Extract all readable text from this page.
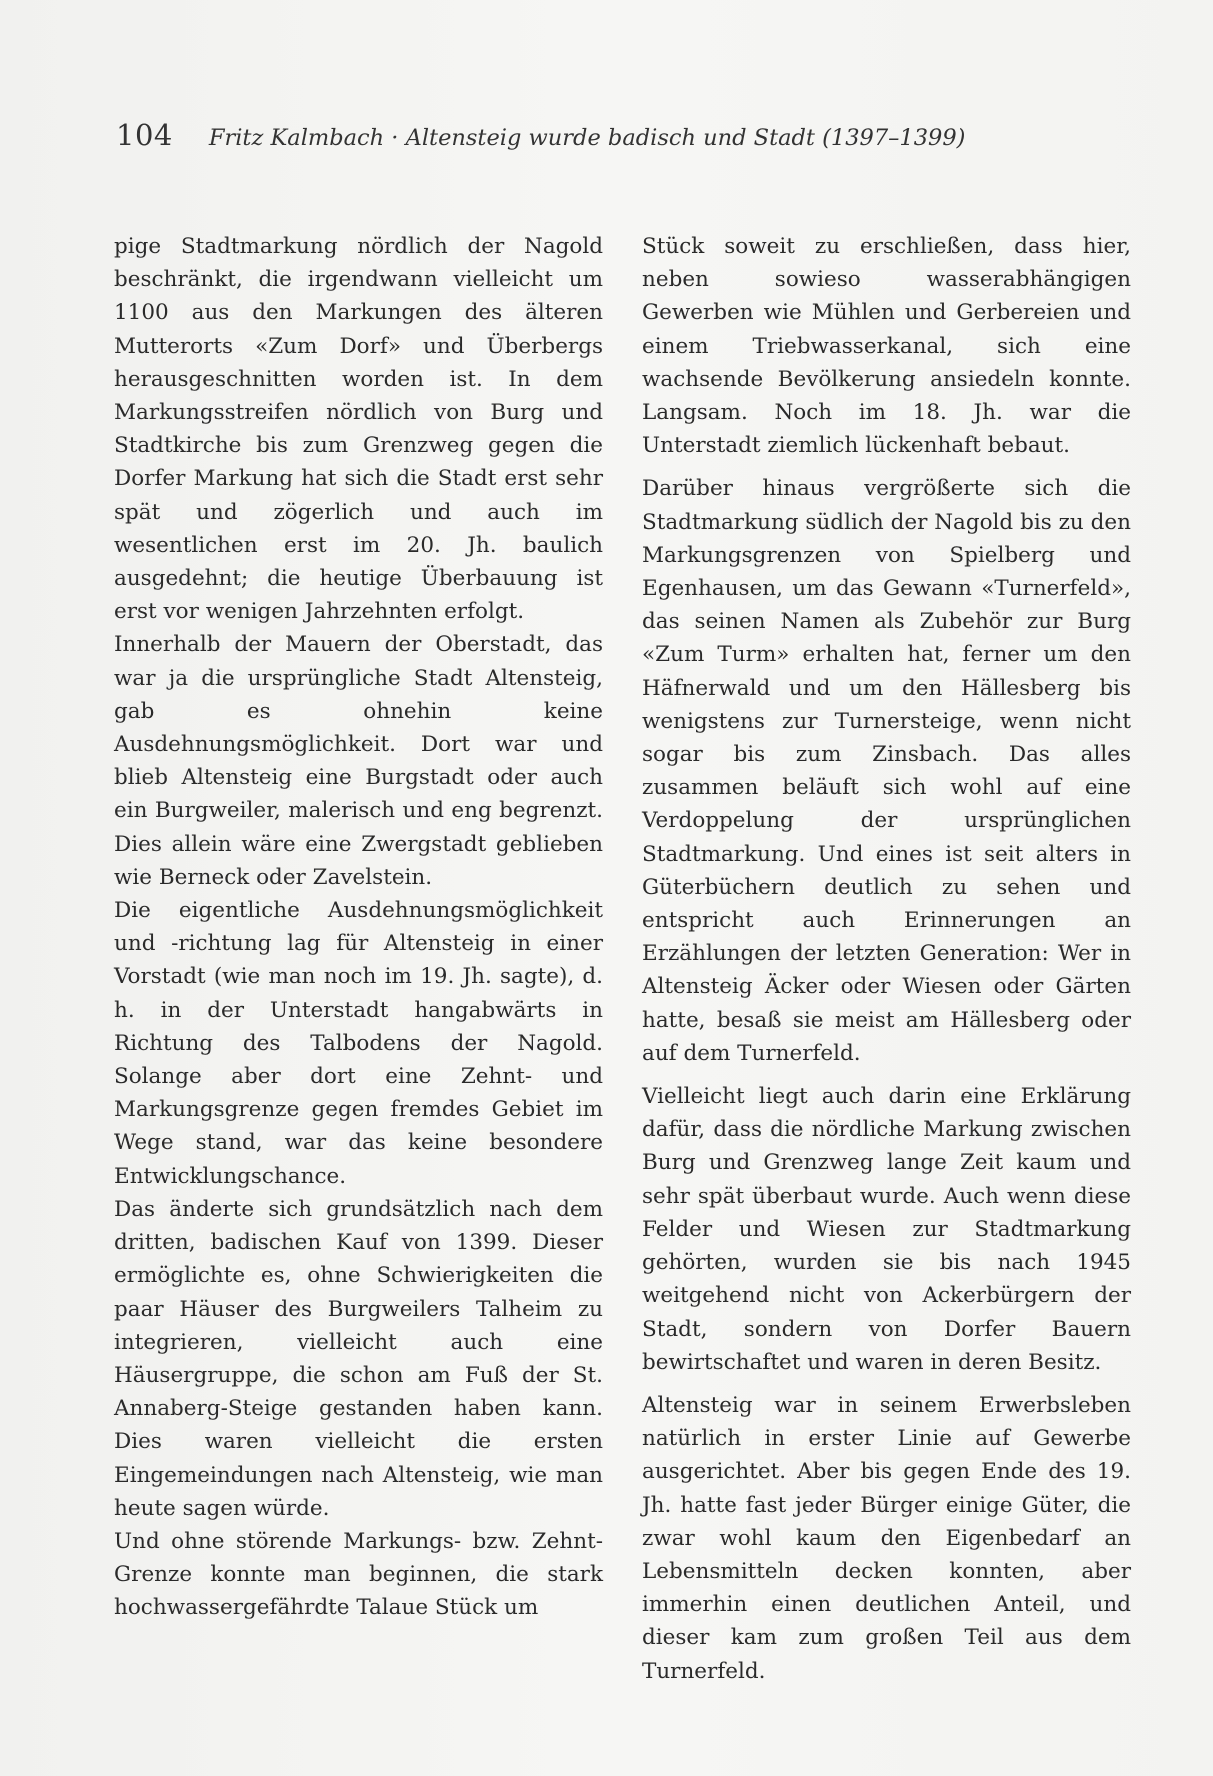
104 Fritz Kalmbach · Altensteig wurde badisch und Stadt (1397–1399)

pige Stadtmarkung nördlich der Nagold beschränkt, die irgendwann vielleicht um 1100 aus den Markungen des älteren Mutterorts «Zum Dorf» und Überbergs herausgeschnitten worden ist. In dem Markungsstreifen nördlich von Burg und Stadtkirche bis zum Grenzweg gegen die Dorfer Markung hat sich die Stadt erst sehr spät und zögerlich und auch im wesentlichen erst im 20. Jh. baulich ausgedehnt; die heutige Überbauung ist erst vor wenigen Jahrzehnten erfolgt.

Innerhalb der Mauern der Oberstadt, das war ja die ursprüngliche Stadt Altensteig, gab es ohnehin keine Ausdehnungsmöglichkeit. Dort war und blieb Altensteig eine Burgstadt oder auch ein Burgweiler, malerisch und eng begrenzt. Dies allein wäre eine Zwergstadt geblieben wie Berneck oder Zavelstein.

Die eigentliche Ausdehnungsmöglichkeit und -richtung lag für Altensteig in einer Vorstadt (wie man noch im 19. Jh. sagte), d. h. in der Unterstadt hangabwärts in Richtung des Talbodens der Nagold. Solange aber dort eine Zehnt- und Markungsgrenze gegen fremdes Gebiet im Wege stand, war das keine besondere Entwicklungschance.

Das änderte sich grundsätzlich nach dem dritten, badischen Kauf von 1399. Dieser ermöglichte es, ohne Schwierigkeiten die paar Häuser des Burgweilers Talheim zu integrieren, vielleicht auch eine Häusergruppe, die schon am Fuß der St. Annaberg-Steige gestanden haben kann. Dies waren vielleicht die ersten Eingemeindungen nach Altensteig, wie man heute sagen würde.

Und ohne störende Markungs- bzw. Zehnt-Grenze konnte man beginnen, die stark hochwassergefährdte Talaue Stück um

Stück soweit zu erschließen, dass hier, neben sowieso wasserabhängigen Gewerben wie Mühlen und Gerbereien und einem Triebwasserkanal, sich eine wachsende Bevölkerung ansiedeln konnte. Langsam. Noch im 18. Jh. war die Unterstadt ziemlich lückenhaft bebaut.

Darüber hinaus vergrößerte sich die Stadtmarkung südlich der Nagold bis zu den Markungsgrenzen von Spielberg und Egenhausen, um das Gewann «Turnerfeld», das seinen Namen als Zubehör zur Burg «Zum Turm» erhalten hat, ferner um den Häfnerwald und um den Hällesberg bis wenigstens zur Turnersteige, wenn nicht sogar bis zum Zinsbach. Das alles zusammen beläuft sich wohl auf eine Verdoppelung der ursprünglichen Stadtmarkung. Und eines ist seit alters in Güterbüchern deutlich zu sehen und entspricht auch Erinnerungen an Erzählungen der letzten Generation: Wer in Altensteig Äcker oder Wiesen oder Gärten hatte, besaß sie meist am Hällesberg oder auf dem Turnerfeld.

Vielleicht liegt auch darin eine Erklärung dafür, dass die nördliche Markung zwischen Burg und Grenzweg lange Zeit kaum und sehr spät überbaut wurde. Auch wenn diese Felder und Wiesen zur Stadtmarkung gehörten, wurden sie bis nach 1945 weitgehend nicht von Ackerbürgern der Stadt, sondern von Dorfer Bauern bewirtschaftet und waren in deren Besitz.

Altensteig war in seinem Erwerbsleben natürlich in erster Linie auf Gewerbe ausgerichtet. Aber bis gegen Ende des 19. Jh. hatte fast jeder Bürger einige Güter, die zwar wohl kaum den Eigenbedarf an Lebensmitteln decken konnten, aber immerhin einen deutlichen Anteil, und dieser kam zum großen Teil aus dem Turnerfeld.
